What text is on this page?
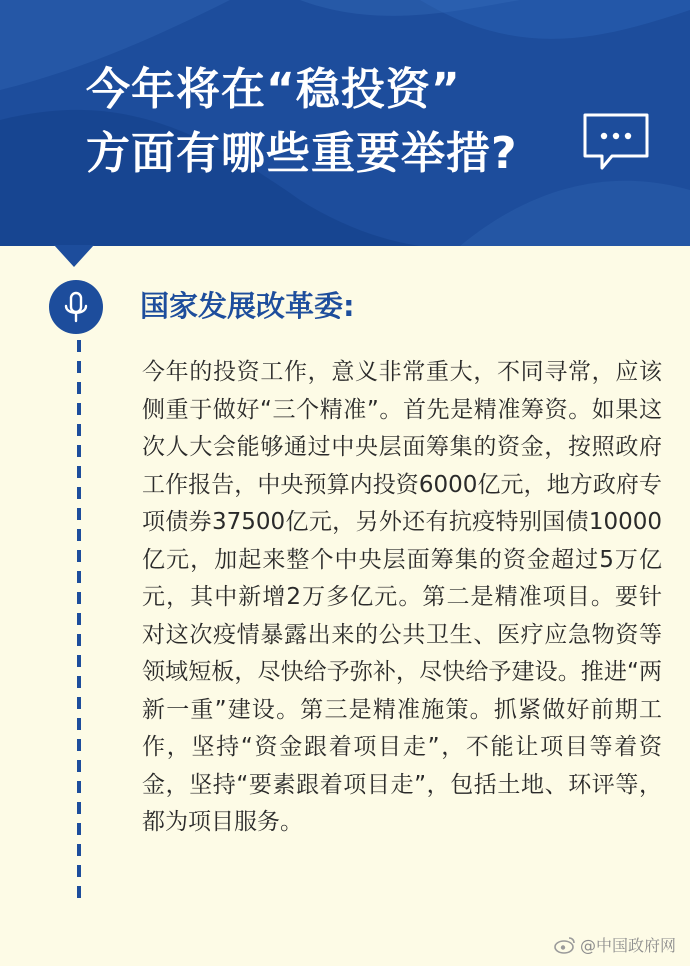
今年将在“稳投资”
方面有哪些重要举措?
国家发展改革委:
今年的投资工作，意义非常重大，不同寻常，应该侧重于做好“三个精准”。首先是精准筹资。如果这次人大会能够通过中央层面筹集的资金，按照政府工作报告，中央预算内投资6000亿元，地方政府专项债券37500亿元，另外还有抗疫特别国债10000亿元，加起来整个中央层面筹集的资金超过5万亿元，其中新增2万多亿元。第二是精准项目。要针对这次疫情暴露出来的公共卫生、医疗应急物资等领域短板，尽快给予弥补，尽快给予建设。推进“两新一重”建设。第三是精准施策。抓紧做好前期工作，坚持“资金跟着项目走”，不能让项目等着资金，坚持“要素跟着项目走”，包括土地、环评等，都为项目服务。
@中国政府网
